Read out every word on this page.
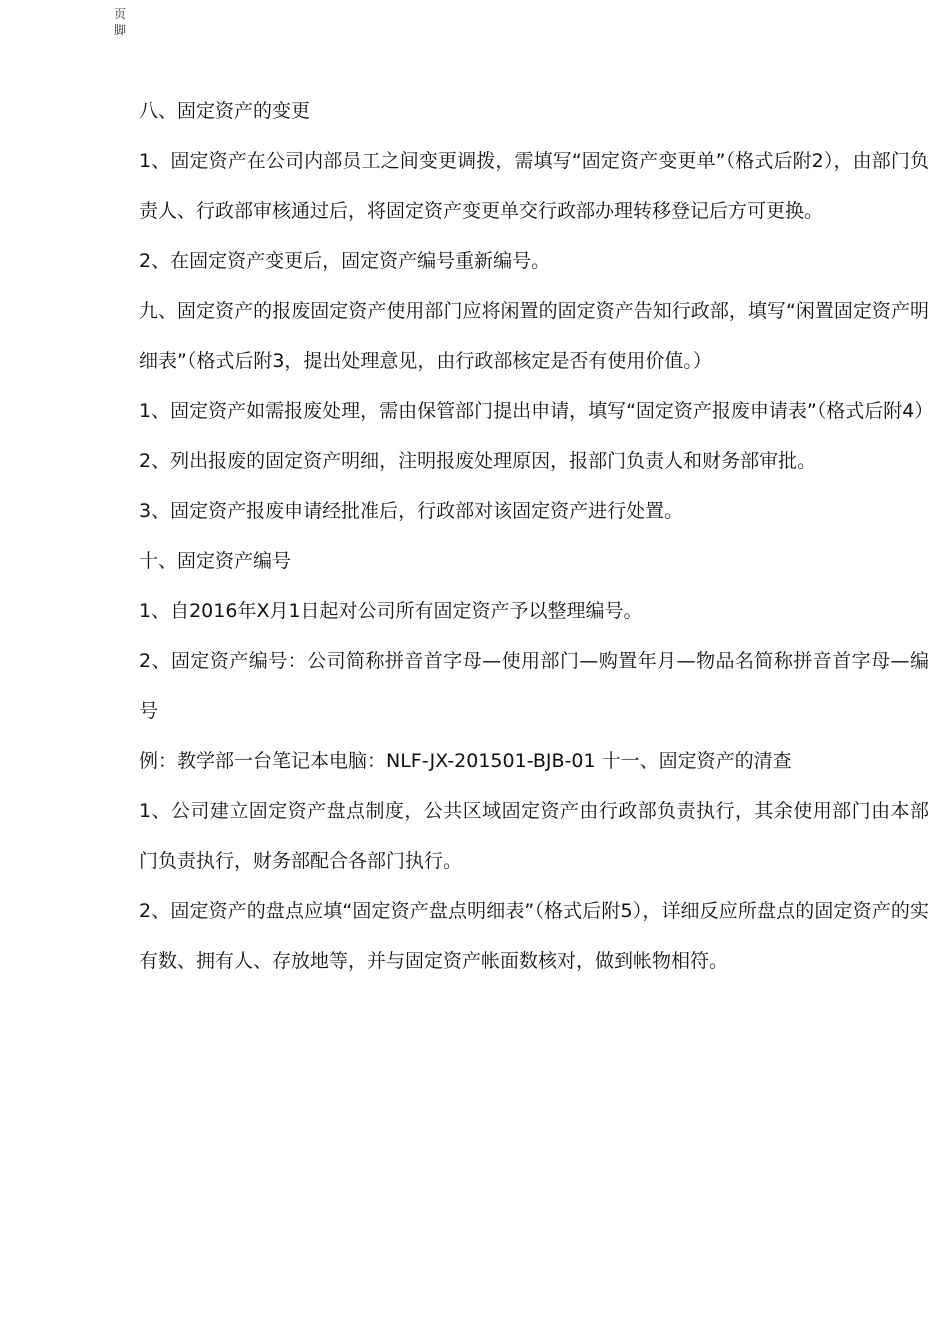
页脚

八、固定资产的变更

1、固定资产在公司内部员工之间变更调拨，需填写“固定资产变更单”（格式后附2），由部门负责人、行政部审核通过后，将固定资产变更单交行政部办理转移登记后方可更换。

2、在固定资产变更后，固定资产编号重新编号。

九、固定资产的报废固定资产使用部门应将闲置的固定资产告知行政部，填写“闲置固定资产明细表”（格式后附3，提出处理意见，由行政部核定是否有使用价值。）

1、固定资产如需报废处理，需由保管部门提出申请，填写“固定资产报废申请表”（格式后附4）

2、列出报废的固定资产明细，注明报废处理原因，报部门负责人和财务部审批。

3、固定资产报废申请经批准后，行政部对该固定资产进行处置。

十、固定资产编号

1、自2016年X月1日起对公司所有固定资产予以整理编号。

2、固定资产编号：公司简称拼音首字母—使用部门—购置年月—物品名简称拼音首字母—编号

例：教学部一台笔记本电脑：NLF-JX-201501-BJB-01 十一、固定资产的清查

1、公司建立固定资产盘点制度，公共区域固定资产由行政部负责执行，其余使用部门由本部门负责执行，财务部配合各部门执行。

2、固定资产的盘点应填“固定资产盘点明细表”（格式后附5），详细反应所盘点的固定资产的实有数、拥有人、存放地等，并与固定资产帐面数核对，做到帐物相符。
